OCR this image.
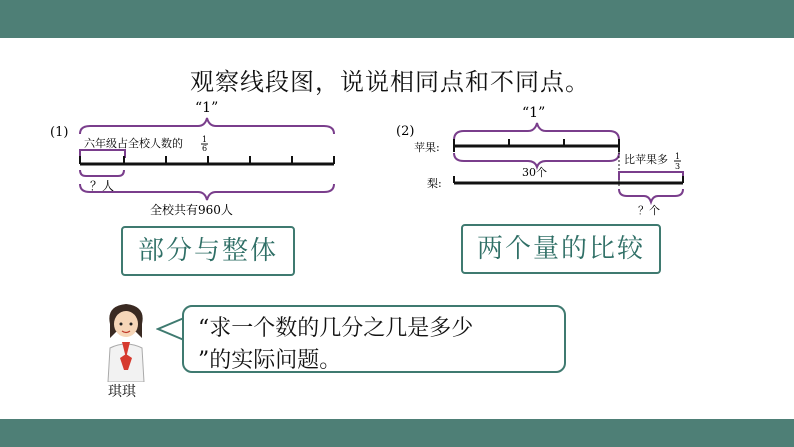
观察线段图，说说相同点和不同点。
(1)
“1”
六年级占全校人数的 1
6
？人
全校共有960人
(2)
“1”
苹果:
30个
比苹果多 1
3
梨:
？个
部分与整体	两个量的比较
琪琪
“求一个数的几分之几是多少
”的实际问题。
